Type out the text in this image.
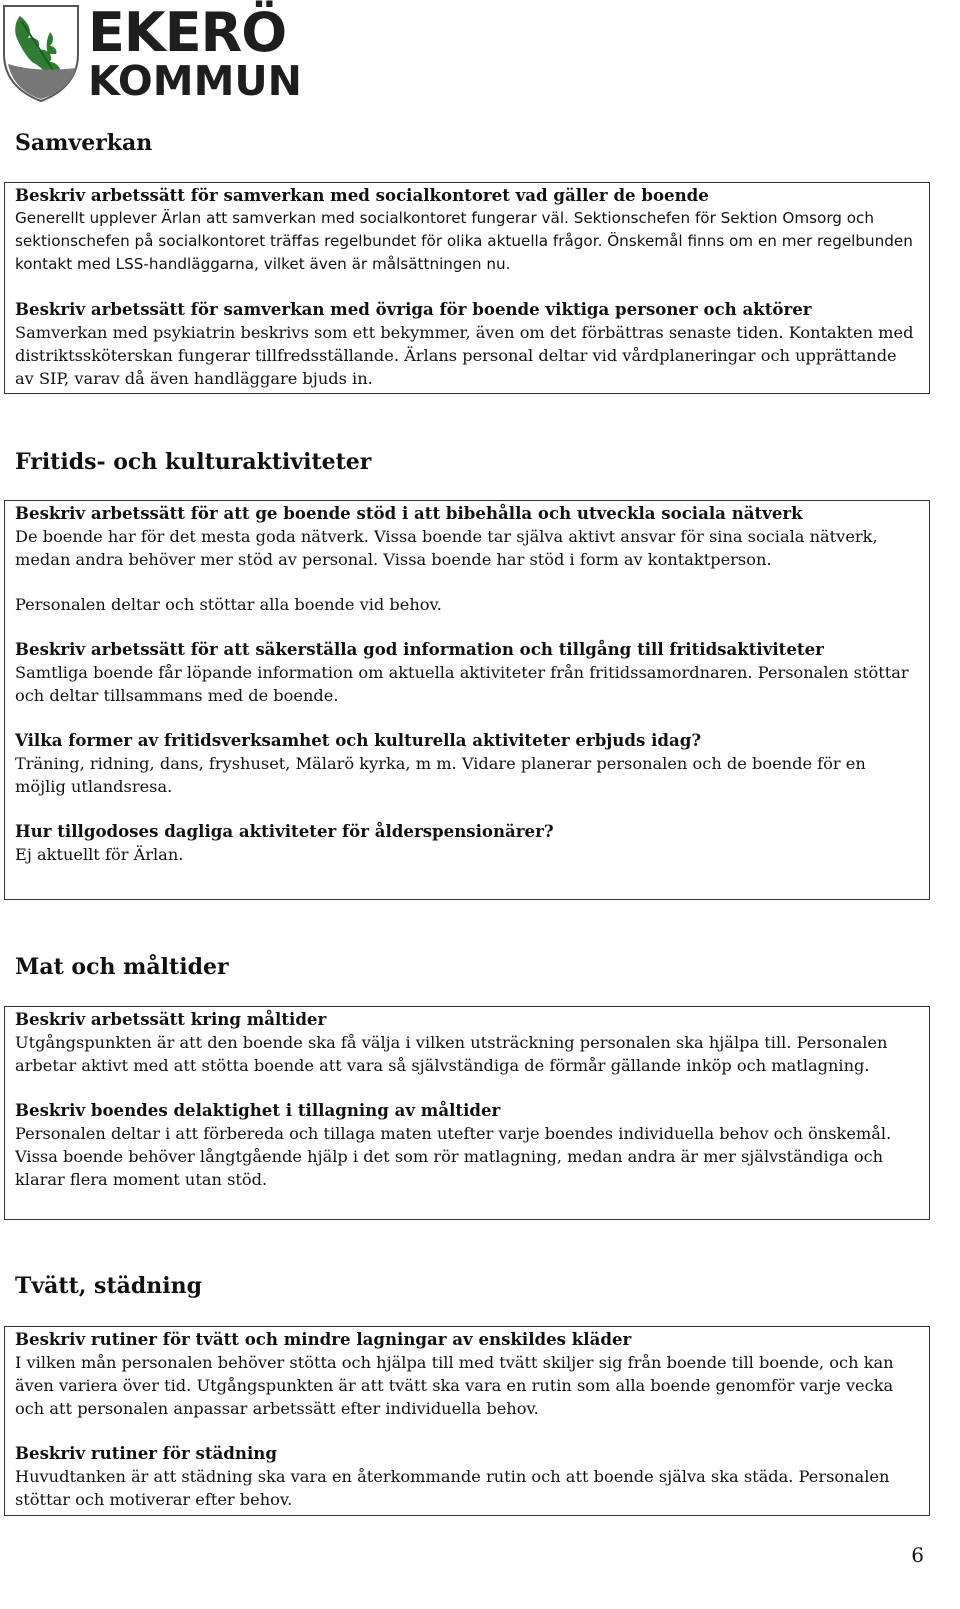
EKERÖ
KOMMUN
Samverkan

Beskriv arbetssätt för samverkan med socialkontoret vad gäller de boende

Generellt upplever Ärlan att samverkan med socialkontoret fungerar väl. Sektionschefen för Sektion Omsorg och sektionschefen på socialkontoret träffas regelbundet för olika aktuella frågor. Önskemål finns om en mer regelbunden kontakt med LSS-handläggarna, vilket även är målsättningen nu.

Beskriv arbetssätt för samverkan med övriga för boende viktiga personer och aktörer

Samverkan med psykiatrin beskrivs som ett bekymmer, även om det förbättras senaste tiden. Kontakten med distriktssköterskan fungerar tillfredsställande. Ärlans personal deltar vid vårdplaneringar och upprättande av SIP, varav då även handläggare bjuds in.

Fritids- och kulturaktiviteter

Beskriv arbetssätt för att ge boende stöd i att bibehålla och utveckla sociala nätverk

De boende har för det mesta goda nätverk. Vissa boende tar själva aktivt ansvar för sina sociala nätverk, medan andra behöver mer stöd av personal. Vissa boende har stöd i form av kontaktperson.

Personalen deltar och stöttar alla boende vid behov.

Beskriv arbetssätt för att säkerställa god information och tillgång till fritidsaktiviteter

Samtliga boende får löpande information om aktuella aktiviteter från fritidssamordnaren. Personalen stöttar och deltar tillsammans med de boende.

Vilka former av fritidsverksamhet och kulturella aktiviteter erbjuds idag?

Träning, ridning, dans, fryshuset, Mälarö kyrka, m m. Vidare planerar personalen och de boende för en möjlig utlandsresa.

Hur tillgodoses dagliga aktiviteter för ålderspensionärer?

Ej aktuellt för Ärlan.

Mat och måltider

Beskriv arbetssätt kring måltider

Utgångspunkten är att den boende ska få välja i vilken utsträckning personalen ska hjälpa till. Personalen arbetar aktivt med att stötta boende att vara så självständiga de förmår gällande inköp och matlagning.

Beskriv boendes delaktighet i tillagning av måltider

Personalen deltar i att förbereda och tillaga maten utefter varje boendes individuella behov och önskemål. Vissa boende behöver långtgående hjälp i det som rör matlagning, medan andra är mer självständiga och klarar flera moment utan stöd.

Tvätt, städning

Beskriv rutiner för tvätt och mindre lagningar av enskildes kläder

I vilken mån personalen behöver stötta och hjälpa till med tvätt skiljer sig från boende till boende, och kan även variera över tid. Utgångspunkten är att tvätt ska vara en rutin som alla boende genomför varje vecka och att personalen anpassar arbetssätt efter individuella behov.

Beskriv rutiner för städning

Huvudtanken är att städning ska vara en återkommande rutin och att boende själva ska städa. Personalen stöttar och motiverar efter behov.

6
